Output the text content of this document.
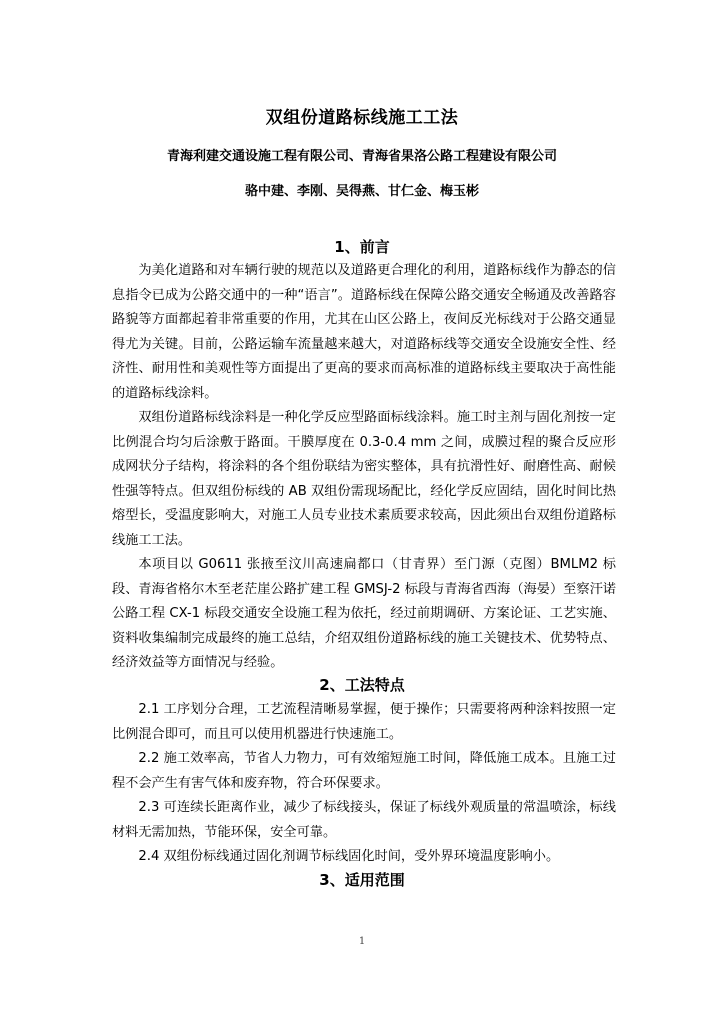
双组份道路标线施工工法
青海利建交通设施工程有限公司、青海省果洛公路工程建设有限公司
骆中建、李刚、吴得燕、甘仁金、梅玉彬
1、前言
为美化道路和对车辆行驶的规范以及道路更合理化的利用，道路标线作为静态的信息指令已成为公路交通中的一种“语言”。道路标线在保障公路交通安全畅通及改善路容路貌等方面都起着非常重要的作用，尤其在山区公路上，夜间反光标线对于公路交通显得尤为关键。目前，公路运输车流量越来越大，对道路标线等交通安全设施安全性、经济性、耐用性和美观性等方面提出了更高的要求而高标准的道路标线主要取决于高性能的道路标线涂料。
双组份道路标线涂料是一种化学反应型路面标线涂料。施工时主剂与固化剂按一定比例混合均匀后涂敷于路面。干膜厚度在 0.3-0.4 mm 之间，成膜过程的聚合反应形成网状分子结构，将涂料的各个组份联结为密实整体，具有抗滑性好、耐磨性高、耐候性强等特点。但双组份标线的 AB 双组份需现场配比，经化学反应固结，固化时间比热熔型长，受温度影响大，对施工人员专业技术素质要求较高，因此须出台双组份道路标线施工工法。
本项目以 G0611 张掖至汶川高速扁都口（甘青界）至门源（克图）BMLM2 标段、青海省格尔木至老茫崖公路扩建工程 GMSJ-2 标段与青海省西海（海晏）至察汗诺公路工程 CX-1 标段交通安全设施工程为依托，经过前期调研、方案论证、工艺实施、资料收集编制完成最终的施工总结，介绍双组份道路标线的施工关键技术、优势特点、经济效益等方面情况与经验。
2、工法特点
2.1 工序划分合理，工艺流程清晰易掌握，便于操作；只需要将两种涂料按照一定比例混合即可，而且可以使用机器进行快速施工。
2.2 施工效率高，节省人力物力，可有效缩短施工时间，降低施工成本。且施工过程不会产生有害气体和废弃物，符合环保要求。
2.3 可连续长距离作业，减少了标线接头，保证了标线外观质量的常温喷涂，标线材料无需加热，节能环保，安全可靠。
2.4 双组份标线通过固化剂调节标线固化时间，受外界环境温度影响小。
3、适用范围
1
